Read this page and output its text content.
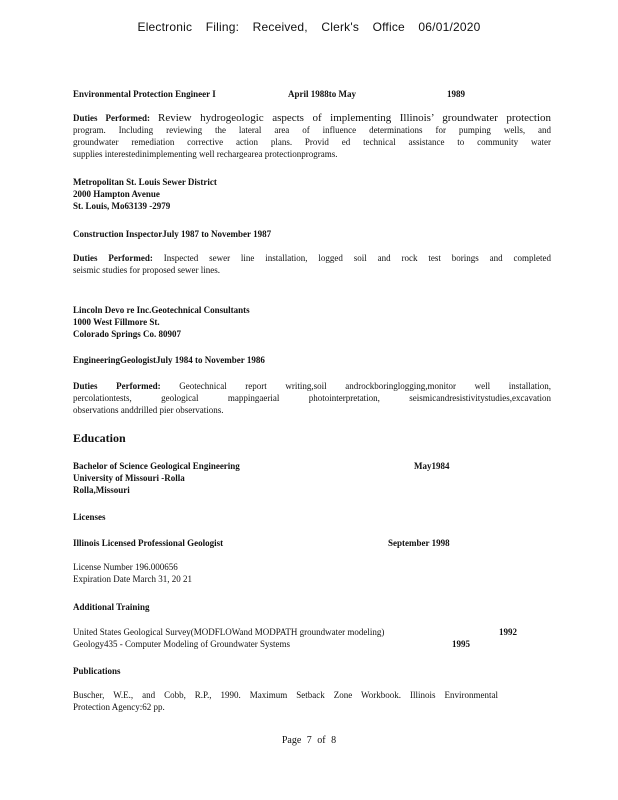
Electronic Filing: Received, Clerk's Office 06/01/2020
Environmental Protection Engineer I	April 1988to May	1989
Duties Performed: Review hydrogeologic aspects of implementing Illinois’ groundwater protection
program. Including reviewing the lateral area of influence determinations for pumping wells, and
groundwater remediation corrective action plans. Provid ed technical assistance to community water
supplies interestedinimplementing well rechargearea protectionprograms.
Metropolitan St. Louis Sewer District
2000 Hampton Avenue
St. Louis, Mo63139 -2979
Construction InspectorJuly 1987 to November 1987
Duties Performed: Inspected sewer line installation, logged soil and rock test borings and completed
seismic studies for proposed sewer lines.
Lincoln Devo re Inc.Geotechnical Consultants
1000 West Fillmore St.
Colorado Springs Co. 80907
EngineeringGeologistJuly 1984 to November 1986
Duties Performed: Geotechnical report writing,soil androckboringlogging,monitor well installation,
percolationtests, geological mappingaerial photointerpretation, seismicandresistivitystudies,excavation
observations anddrilled pier observations.
Education
Bachelor of Science Geological Engineering	May1984
University of Missouri -Rolla
Rolla,Missouri
Licenses
Illinois Licensed Professional Geologist	September 1998
License Number 196.000656
Expiration Date March 31, 20 21
Additional Training
United States Geological Survey(MODFLOWand MODPATH groundwater modeling)	1992
Geology435 - Computer Modeling of Groundwater Systems	1995
Publications
Buscher, W.E., and Cobb, R.P., 1990. Maximum Setback Zone Workbook. Illinois Environmental
Protection Agency:62 pp.
Page 7 of 8
